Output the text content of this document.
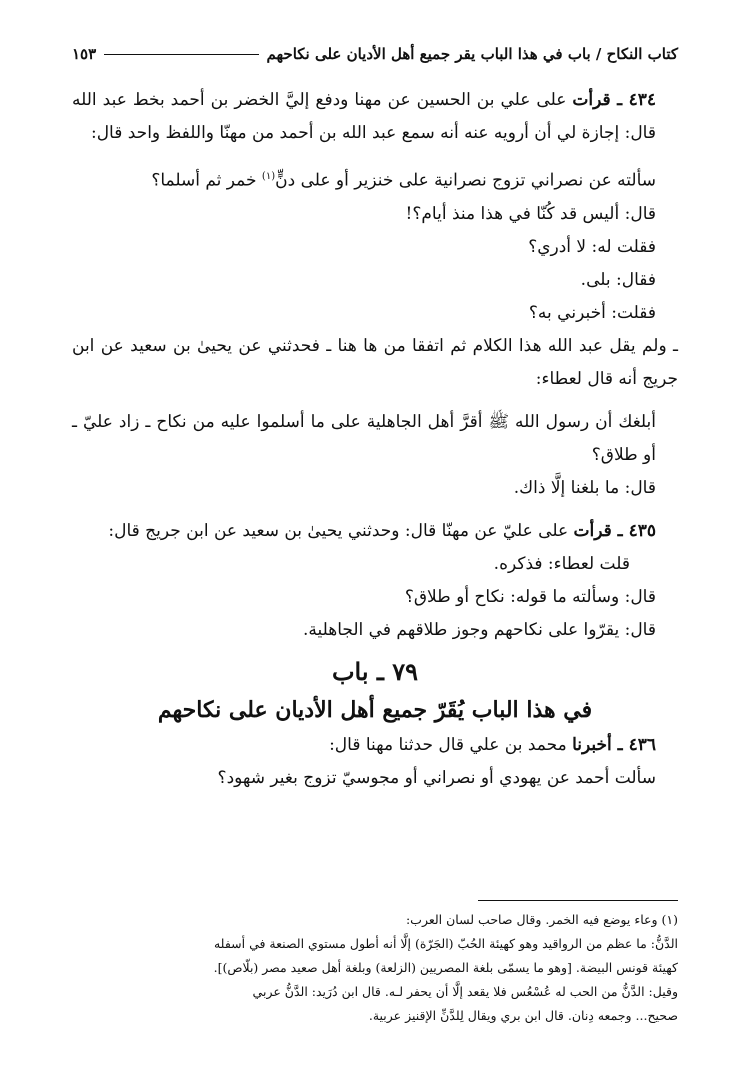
كتاب النكاح / باب في هذا الباب يقر جميع أهل الأديان على نكاحهم
١٥٣

٤٣٤ ـ قرأت على علي بن الحسين عن مهنا ودفع إليَّ الخضر بن أحمد بخط عبد الله قال: إجازة لي أن أرويه عنه أنه سمع عبد الله بن أحمد من مهنّا واللفظ واحد قال:

سألته عن نصراني تزوج نصرانية على خنزير أو على دنٍّ$^{(١)}$ خمر ثم أسلما؟

قال: أليس قد كُنّا في هذا منذ أيام؟!

فقلت له: لا أدري؟

فقال: بلى.

فقلت: أخبرني به؟

ـ ولم يقل عبد الله هذا الكلام ثم اتفقا من ها هنا ـ فحدثني عن يحيىٰ بن سعيد عن ابن جريج أنه قال لعطاء:

أبلغك أن رسول الله ﷺ أقرَّ أهل الجاهلية على ما أسلموا عليه من نكاح ـ زاد عليّ ـ أو طلاق؟

قال: ما بلغنا إلَّا ذاك.

٤٣٥ ـ قرأت على عليّ عن مهنّا قال: وحدثني يحيىٰ بن سعيد عن ابن جريج قال:

قلت لعطاء: فذكره.

قال: وسألته ما قوله: نكاح أو طلاق؟

قال: يقرّوا على نكاحهم وجوز طلاقهم في الجاهلية.

٧٩ ـ باب
في هذا الباب يُقَرّ جميع أهل الأديان على نكاحهم

٤٣٦ ـ أخبرنا محمد بن علي قال حدثنا مهنا قال:

سألت أحمد عن يهودي أو نصراني أو مجوسيّ تزوج بغير شهود؟

(١) وعاء يوضع فيه الخمر. وقال صاحب لسان العرب:
الدَّنُّ: ما عظم من الرواقيد وهو كهيئة الحُبّ (الجَرّة) إلَّا أنه أطول مستوي الصنعة في أسفله
كهيئة قونس البيضة. [وهو ما يسمّى بلغة المصريين (الزلعة) وبلغة أهل صعيد مصر (بلّاص)].
وقيل: الدَّنُّ من الحب له عُسْعُس فلا يقعد إلَّا أن يحفر لـه. قال ابن دُرَيد: الدَّنُّ عربي
صحيح... وجمعه دِنان. قال ابن بري ويقال لِلدَّنِّ الإقنيز عربية.
